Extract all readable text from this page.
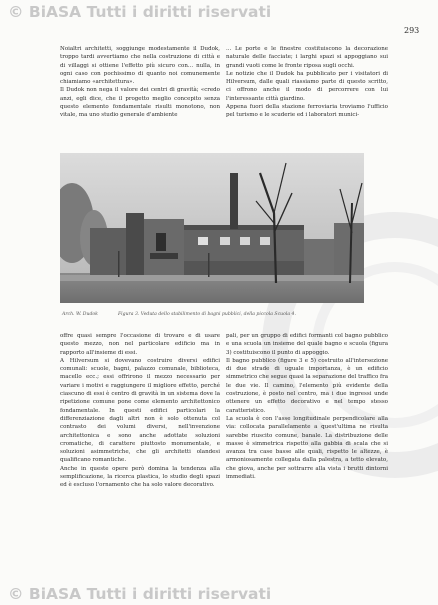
© BiASA Tutti i diritti riservati
293

Noialtri architetti, soggiunge modestamente il Dudok, troppo tardi avvertiamo che nella costruzione di città e di villaggi si ottiene l'effetto più sicuro con... nulla, in ogni caso con pochissimo di quanto noi comunemente chiamiamo «architettura».

Il Dudok non nega il valore dei centri di gravità; «credo anzi, egli dice, che il progetto meglio concepito senza questo elemento fondamentale risulti monotono, non vitale, ma uno studio generale d'ambiente

... Le porte e le finestre costituiscono la decorazione naturale delle facciate; i larghi spazi si appoggiano sui grandi vuoti come le fronte riposa sugli occhi.

Le notizie che il Dudok ha pubblicato per i visitatori di Hilversum, dalle quali riassiamo parte di questo scritto, ci offrono anche il modo di percorrere con lui l'interessante città giardino.

Appena fuori della stazione ferroviaria troviamo l'ufficio pel turismo e le scuderie ed i laboratori munici-

Arch. W. Dudok	Figura 3. Veduta dello stabilimento di bagni pubblici, della piccola Scuola 4.

offre quasi sempre l'occasione di trovare e di usare questo mezzo, non nel particolare edificio ma in rapporto all'insieme di essi.

A Hilversum si dovevano costruire diversi edifici comunali: scuole, bagni, palazzo comunale, biblioteca, macello ecc.; essi offrirono il mezzo necessario per variare i motivi e raggiungere il migliore effetto, perché ciascuno di essi è centro di gravità in un sistema dove la ripetizione comune pone come elemento architettonico fondamentale. In questi edifici particolari la differenziazione dagli altri non è solo ottenuta col contrasto dei volumi diversi, nell'invenzione architettonica e sono anche adottate soluzioni cromatiche, di carattere piuttosto monumentale, e soluzioni asimmetriche, che gli architetti olandesi qualificano romantiche.

Anche in queste opere però domina la tendenza alla semplificazione, la ricerca plastica, lo studio degli spazi ed è escluso l'ornamento che ha solo valore decorativo.

pali, per un gruppo di edifici formanti col bagno pubblico e una scuola un insieme del quale bagno e scuola (figura 3) costituiscono il punto di appoggio.

Il bagno pubblico (figure 3 e 5) costruito all'intersezione di due strade di uguale importanza, è un edificio simmetrico che segue quasi la separazione del traffico fra le due vie. Il camino, l'elemento più evidente della costruzione, è posto nel centro, ma i due ingressi unde ottenere un effetto decorativo e nel tempo stesso caratteristico.

La scuola è con l'asse longitudinale perpendicolare alla via: collocata parallelamente a quest'ultima ne risulta sarebbe riuscito comune, banale. La distribuzione delle masse è simmetrica rispetto alla gabbia di scala che si avanza tra case basse alle quali, rispetto le altezze, è armoniosamente collegata dalla palestra, a tetto elevato, che giova, anche per sottrarre alla vista i brutti dintorni immediati.

© BiASA Tutti i diritti riservati
